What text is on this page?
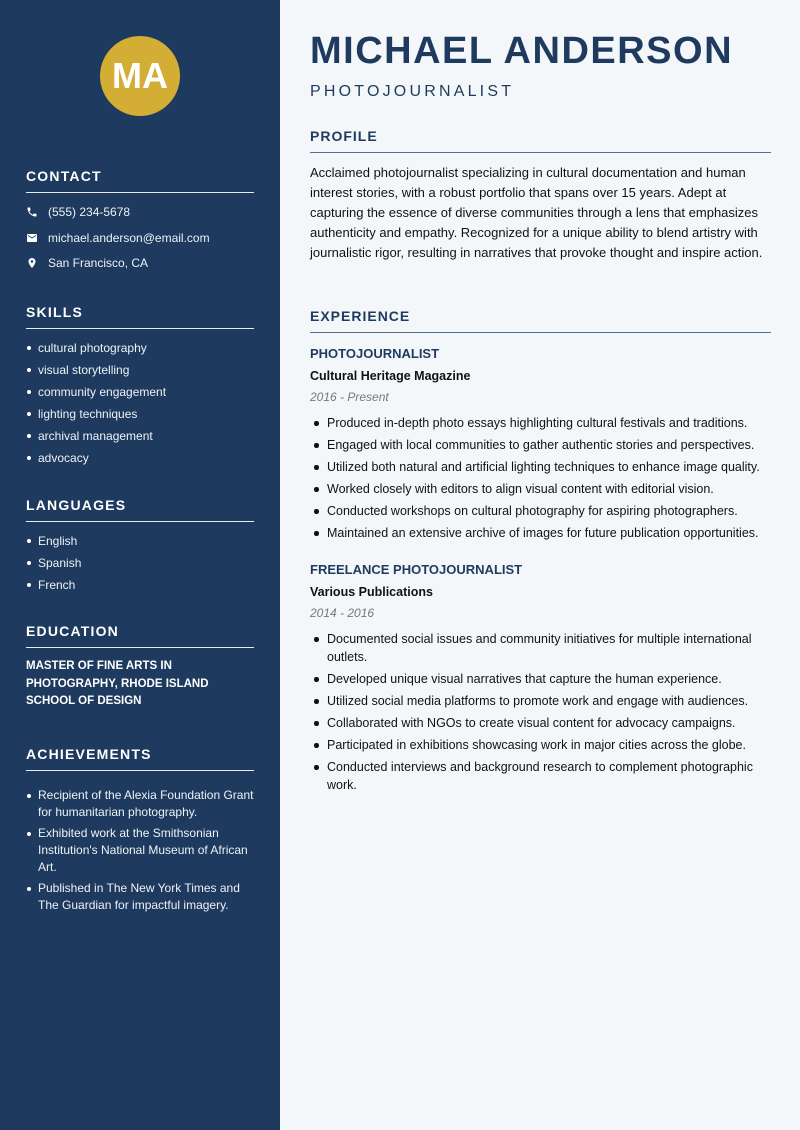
MA
CONTACT
(555) 234-5678
michael.anderson@email.com
San Francisco, CA
SKILLS
cultural photography
visual storytelling
community engagement
lighting techniques
archival management
advocacy
LANGUAGES
English
Spanish
French
EDUCATION
MASTER OF FINE ARTS IN PHOTOGRAPHY, RHODE ISLAND SCHOOL OF DESIGN
ACHIEVEMENTS
Recipient of the Alexia Foundation Grant for humanitarian photography.
Exhibited work at the Smithsonian Institution's National Museum of African Art.
Published in The New York Times and The Guardian for impactful imagery.
MICHAEL ANDERSON
PHOTOJOURNALIST
PROFILE

Acclaimed photojournalist specializing in cultural documentation and human interest stories, with a robust portfolio that spans over 15 years. Adept at capturing the essence of diverse communities through a lens that emphasizes authenticity and empathy. Recognized for a unique ability to blend artistry with journalistic rigor, resulting in narratives that provoke thought and inspire action.

EXPERIENCE
PHOTOJOURNALIST
Cultural Heritage Magazine
2016 - Present
Produced in-depth photo essays highlighting cultural festivals and traditions.
Engaged with local communities to gather authentic stories and perspectives.
Utilized both natural and artificial lighting techniques to enhance image quality.
Worked closely with editors to align visual content with editorial vision.
Conducted workshops on cultural photography for aspiring photographers.
Maintained an extensive archive of images for future publication opportunities.
FREELANCE PHOTOJOURNALIST
Various Publications
2014 - 2016
Documented social issues and community initiatives for multiple international outlets.
Developed unique visual narratives that capture the human experience.
Utilized social media platforms to promote work and engage with audiences.
Collaborated with NGOs to create visual content for advocacy campaigns.
Participated in exhibitions showcasing work in major cities across the globe.
Conducted interviews and background research to complement photographic work.
